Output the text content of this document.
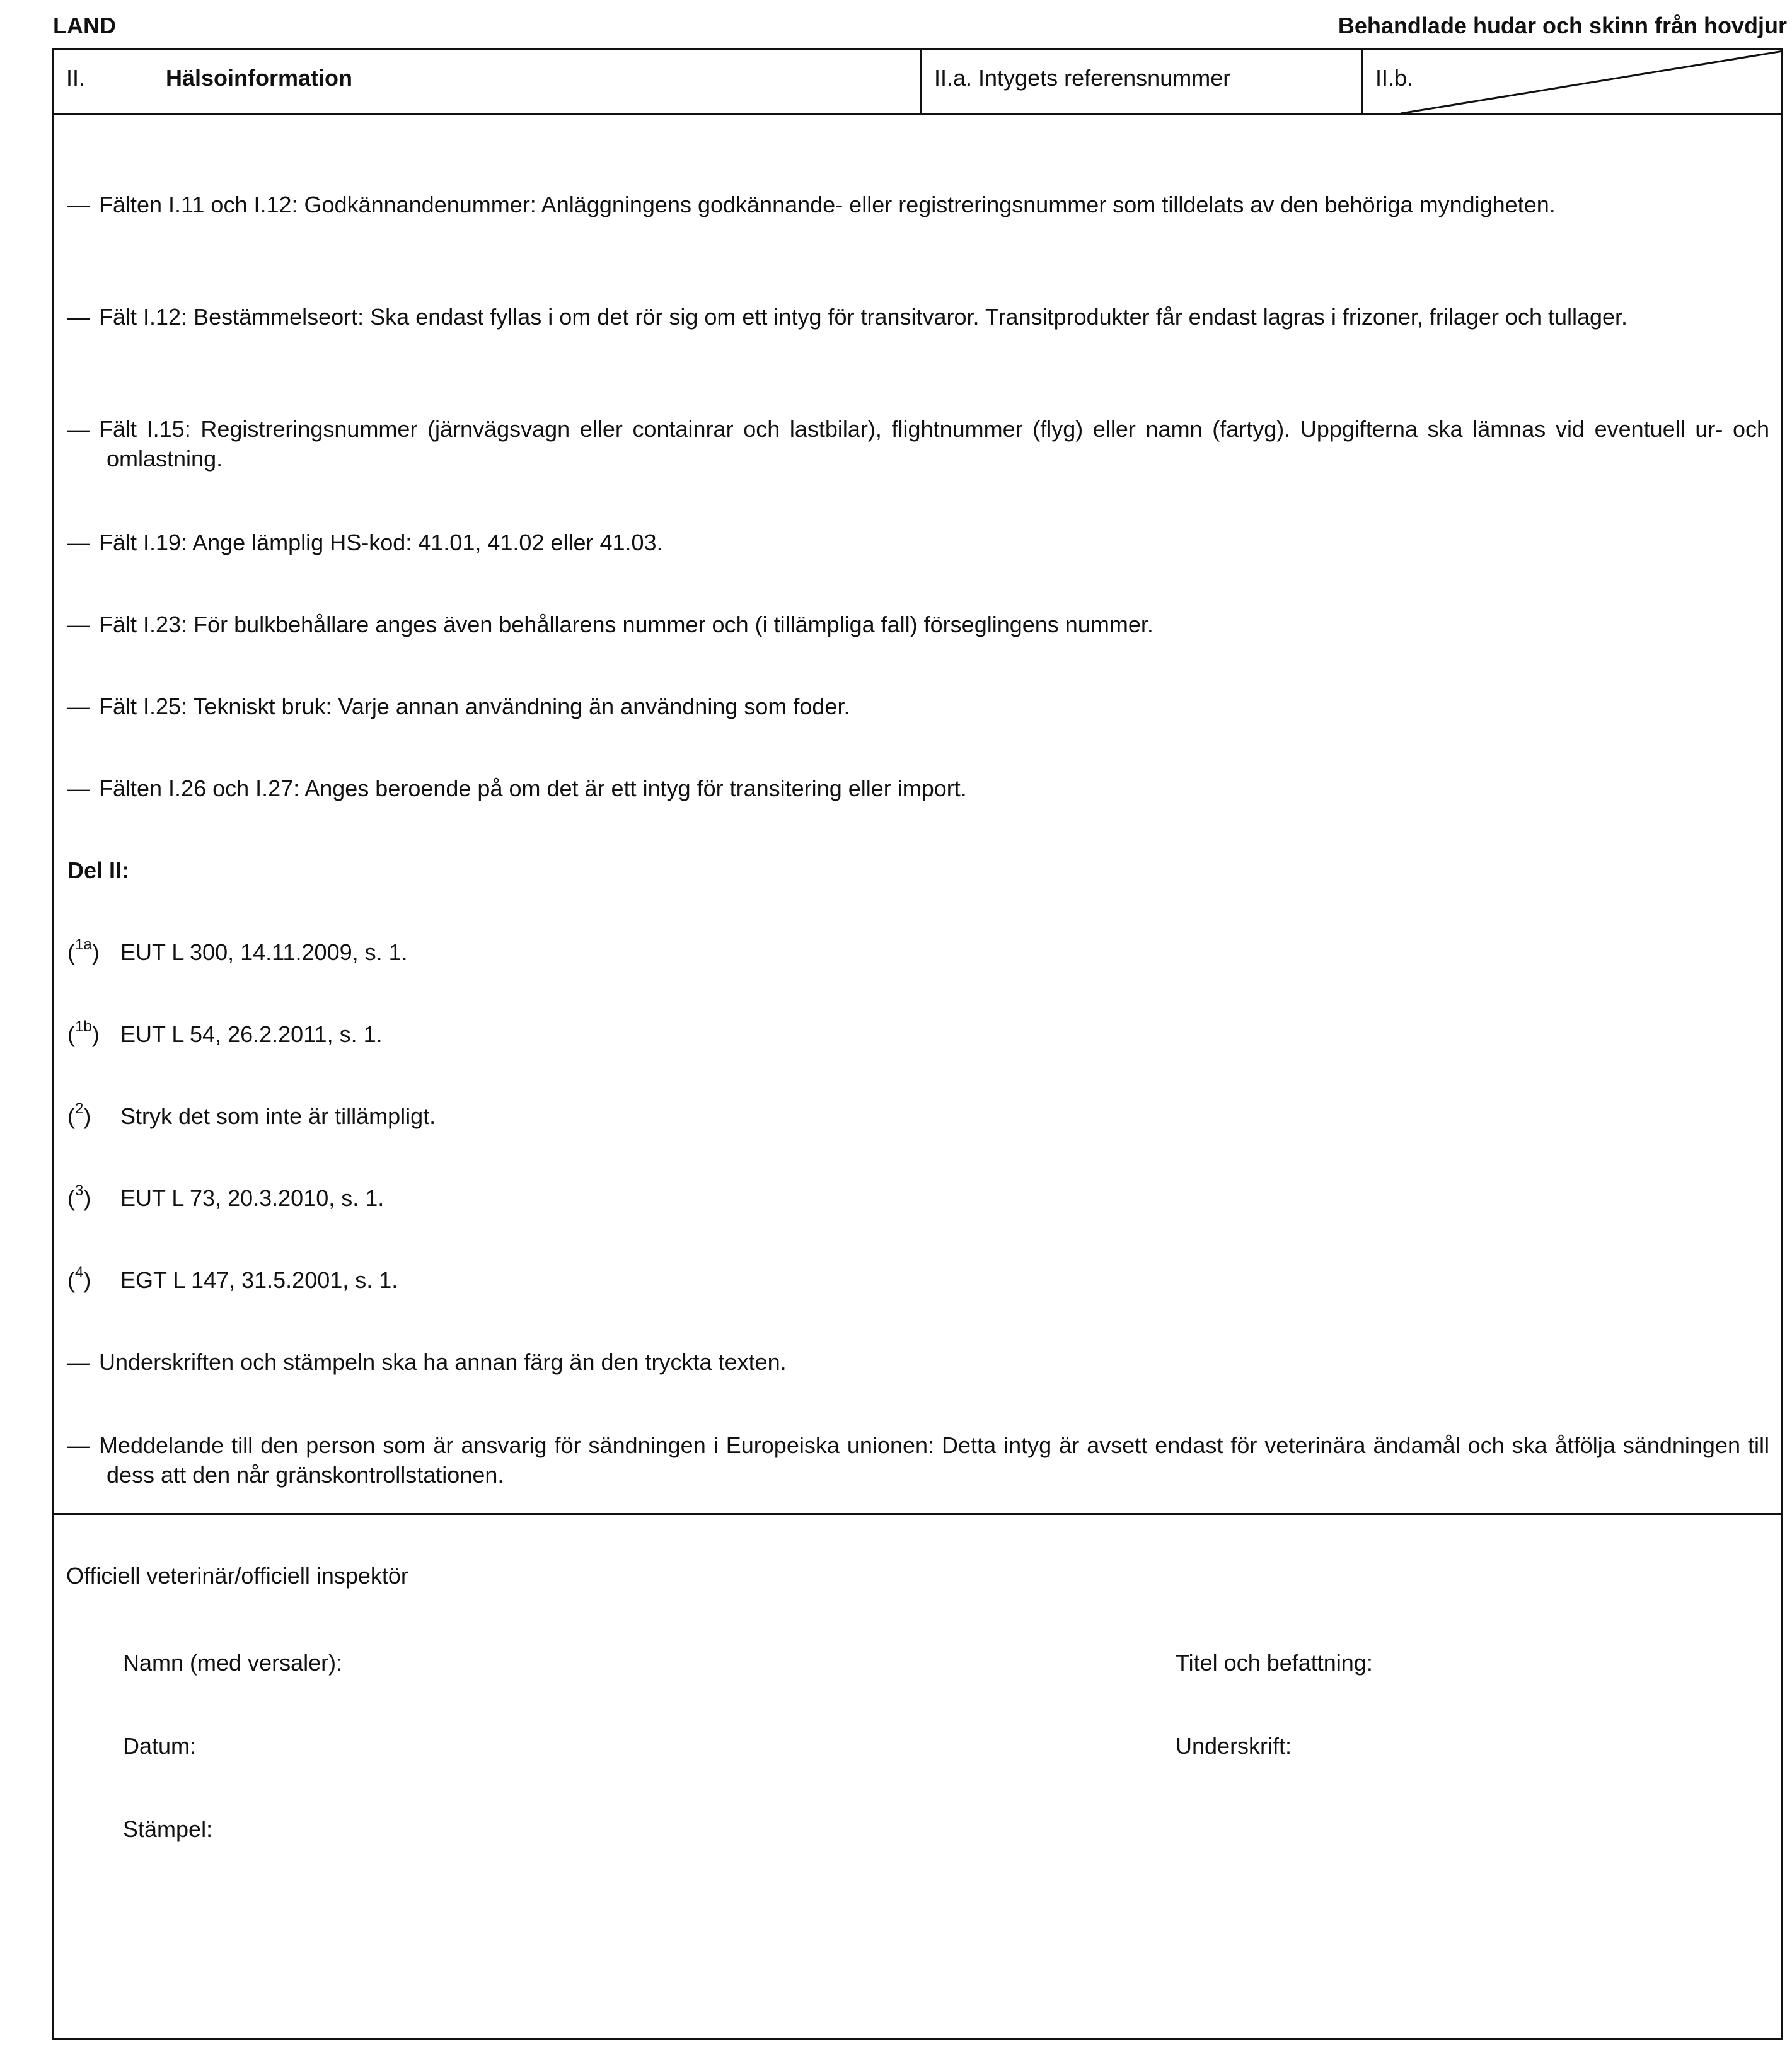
LAND	Behandlade hudar och skinn från hovdjur
II.	Hälsoinformation	II.a. Intygets referensnummer	II.b.
— Fälten I.11 och I.12: Godkännandenummer: Anläggningens godkännande- eller registreringsnummer som tilldelats av den behöriga myndigheten.
— Fält I.12: Bestämmelseort: Ska endast fyllas i om det rör sig om ett intyg för transitvaror. Transitprodukter får endast lagras i frizoner, frilager och tullager.
— Fält I.15: Registreringsnummer (järnvägsvagn eller containrar och lastbilar), flightnummer (flyg) eller namn (fartyg). Uppgifterna ska lämnas vid eventuell ur- och omlastning.
— Fält I.19: Ange lämplig HS-kod: 41.01, 41.02 eller 41.03.
— Fält I.23: För bulkbehållare anges även behållarens nummer och (i tillämpliga fall) förseglingens nummer.
— Fält I.25: Tekniskt bruk: Varje annan användning än användning som foder.
— Fälten I.26 och I.27: Anges beroende på om det är ett intyg för transitering eller import.
Del II:
($^{1a}$) EUT L 300, 14.11.2009, s. 1.
($^{1b}$) EUT L 54, 26.2.2011, s. 1.
($^2$)	Stryk det som inte är tillämpligt.
($^3$)	EUT L 73, 20.3.2010, s. 1.
($^4$)	EGT L 147, 31.5.2001, s. 1.
— Underskriften och stämpeln ska ha annan färg än den tryckta texten.
— Meddelande till den person som är ansvarig för sändningen i Europeiska unionen: Detta intyg är avsett endast för veterinära ändamål och ska åtfölja sändningen till dess att den når gränskontrollstationen.
Officiell veterinär/officiell inspektör
Namn (med versaler):	Titel och befattning:
Datum:	Underskrift:
Stämpel:
